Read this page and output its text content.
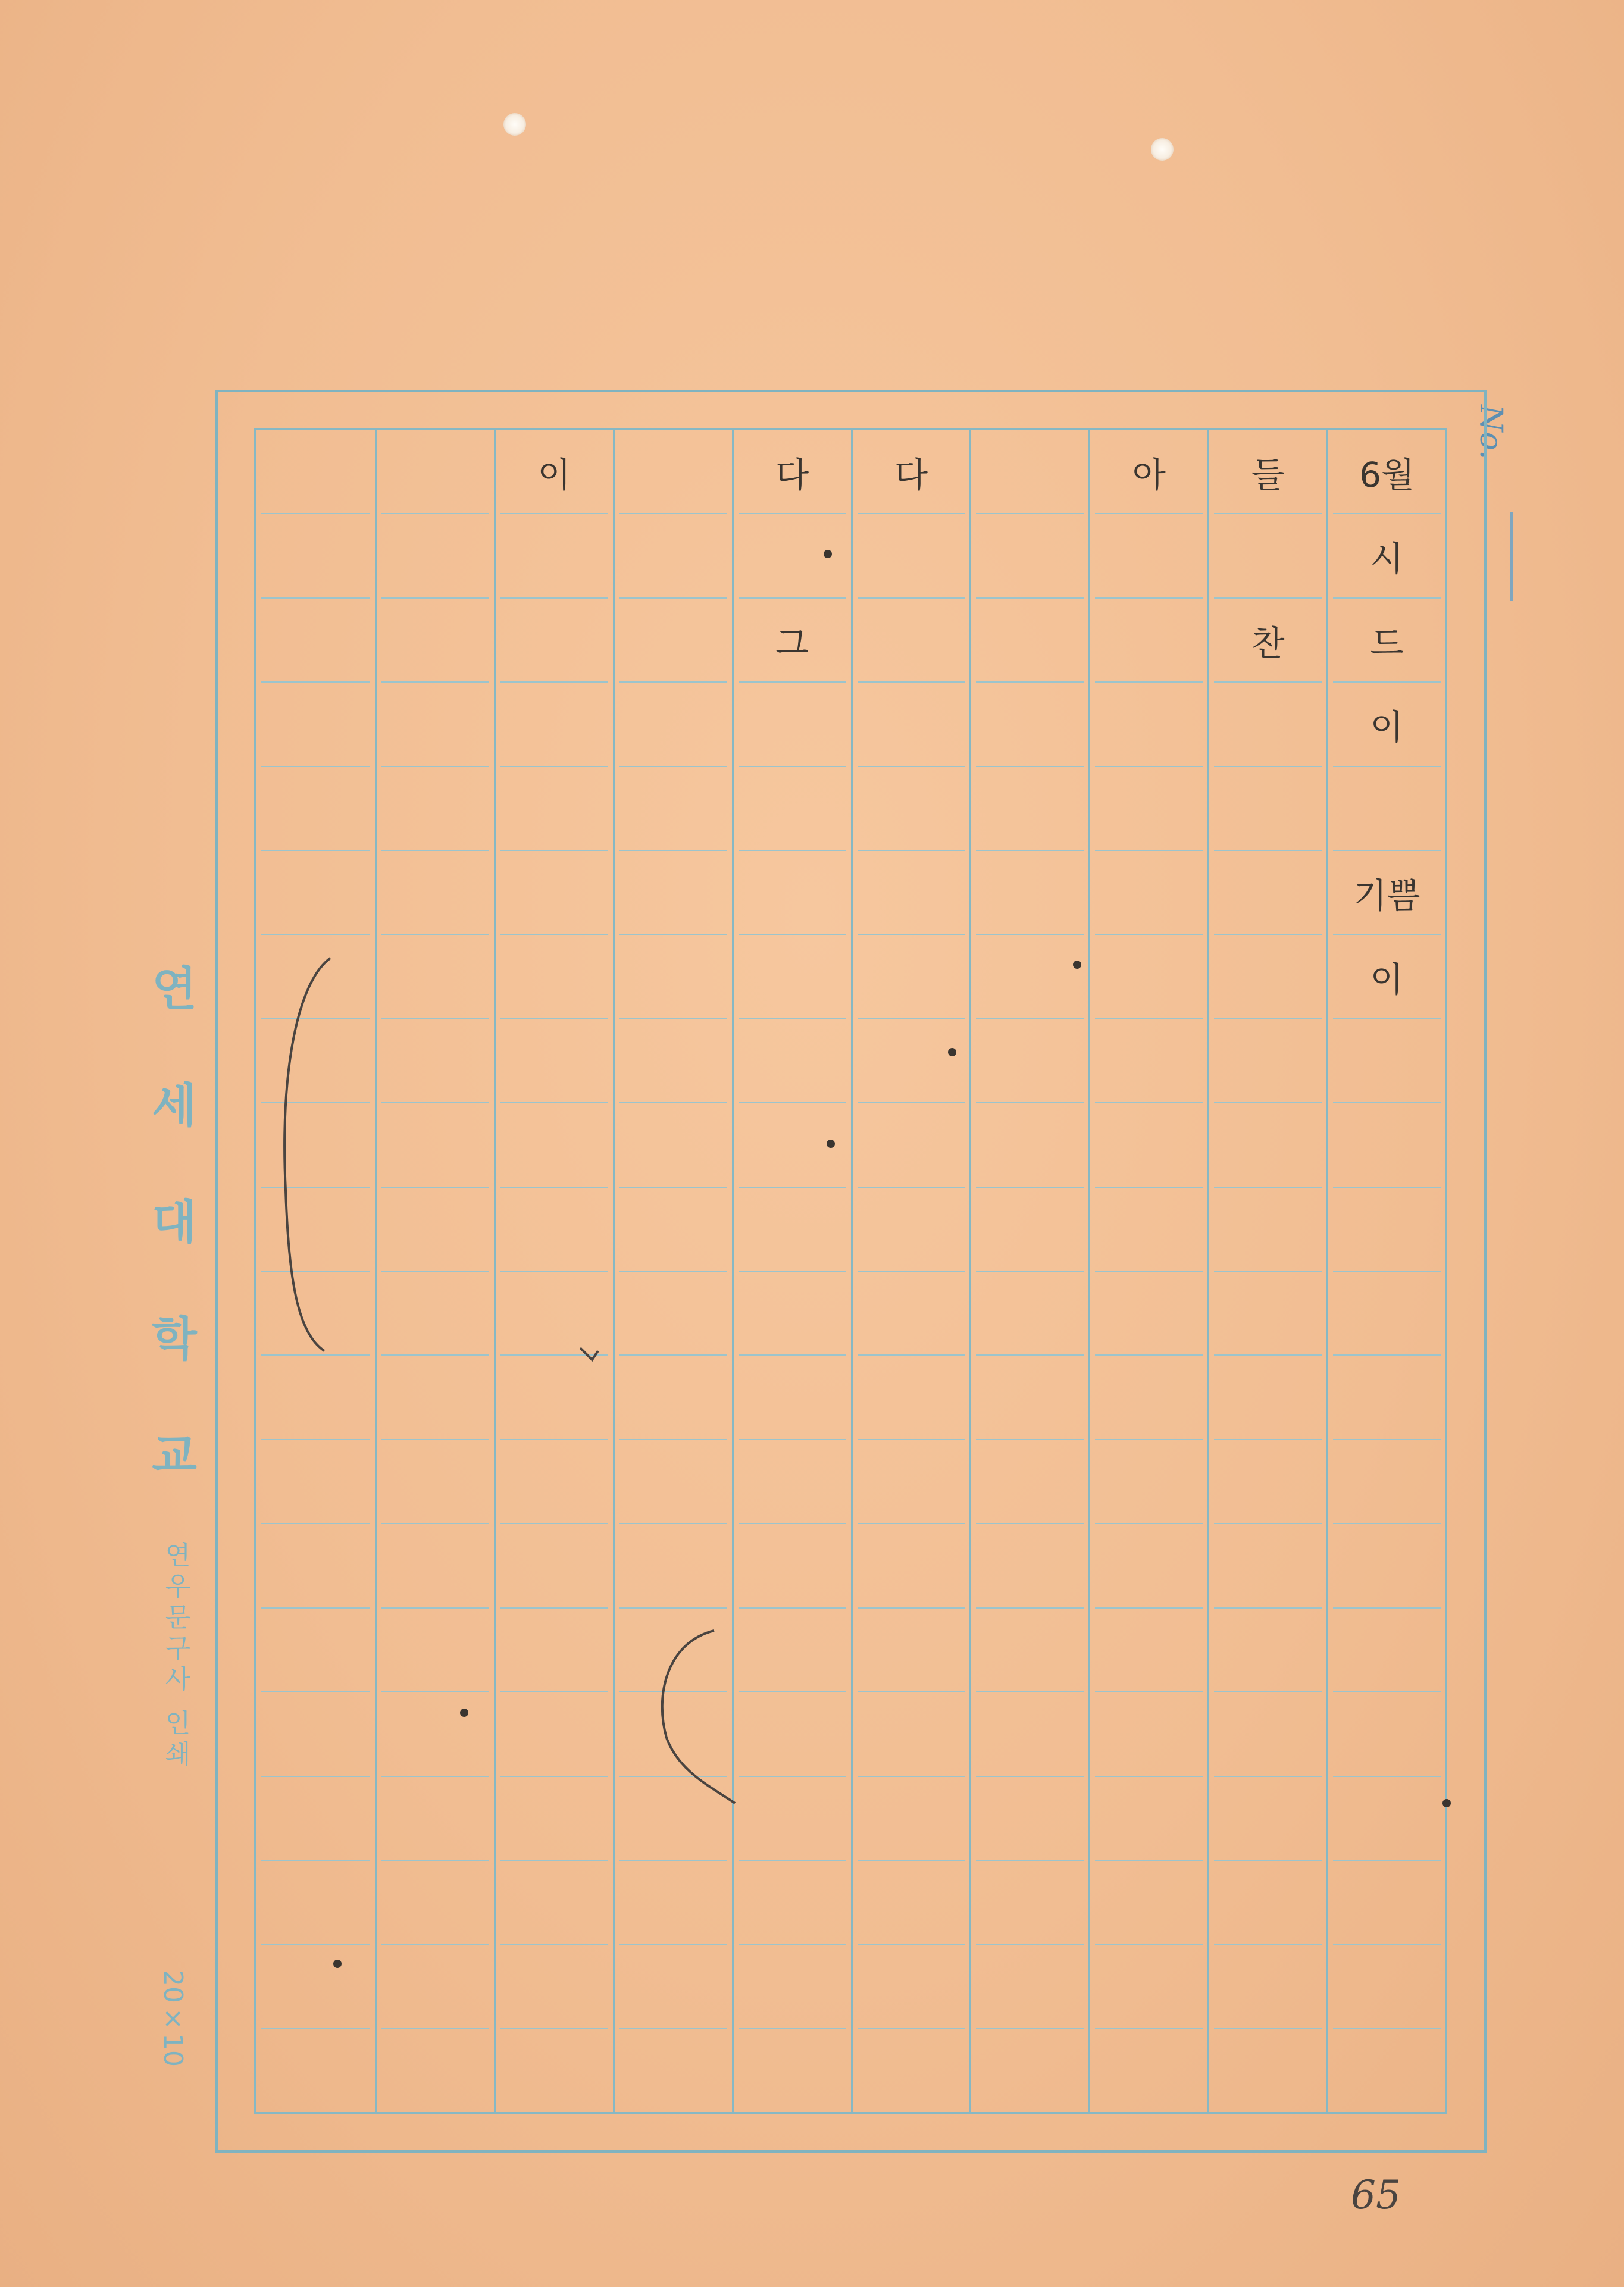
No.
연세대학교
연우문구사 인쇄
20×10
6월
시
드
이
기쁨
이
들
찬
아
다
다
그
이
65
